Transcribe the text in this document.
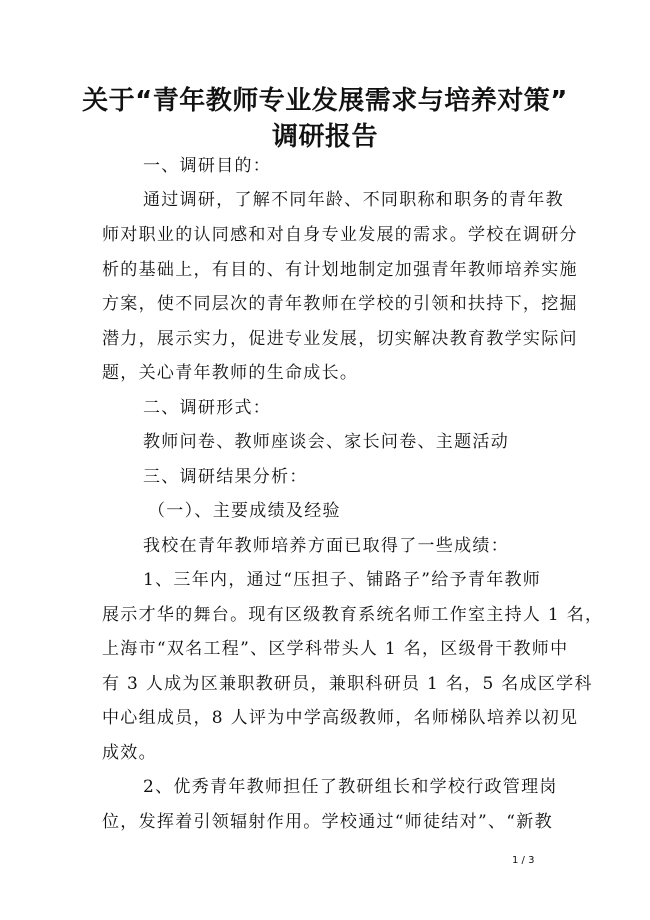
关于“青年教师专业发展需求与培养对策”
调研报告
一、调研目的：
通过调研，了解不同年龄、不同职称和职务的青年教
师对职业的认同感和对自身专业发展的需求。学校在调研分
析的基础上，有目的、有计划地制定加强青年教师培养实施
方案，使不同层次的青年教师在学校的引领和扶持下，挖掘
潜力，展示实力，促进专业发展，切实解决教育教学实际问
题，关心青年教师的生命成长。
二、调研形式：
教师问卷、教师座谈会、家长问卷、主题活动
三、调研结果分析：
（一）、主要成绩及经验
我校在青年教师培养方面已取得了一些成绩：
1、三年内，通过“压担子、铺路子”给予青年教师
展示才华的舞台。现有区级教育系统名师工作室主持人 1 名，
上海市“双名工程”、区学科带头人 1 名，区级骨干教师中
有 3 人成为区兼职教研员，兼职科研员 1 名，5 名成区学科
中心组成员，8 人评为中学高级教师，名师梯队培养以初见
成效。
2、优秀青年教师担任了教研组长和学校行政管理岗
位，发挥着引领辐射作用。学校通过“师徒结对”、“新教
1 / 3
